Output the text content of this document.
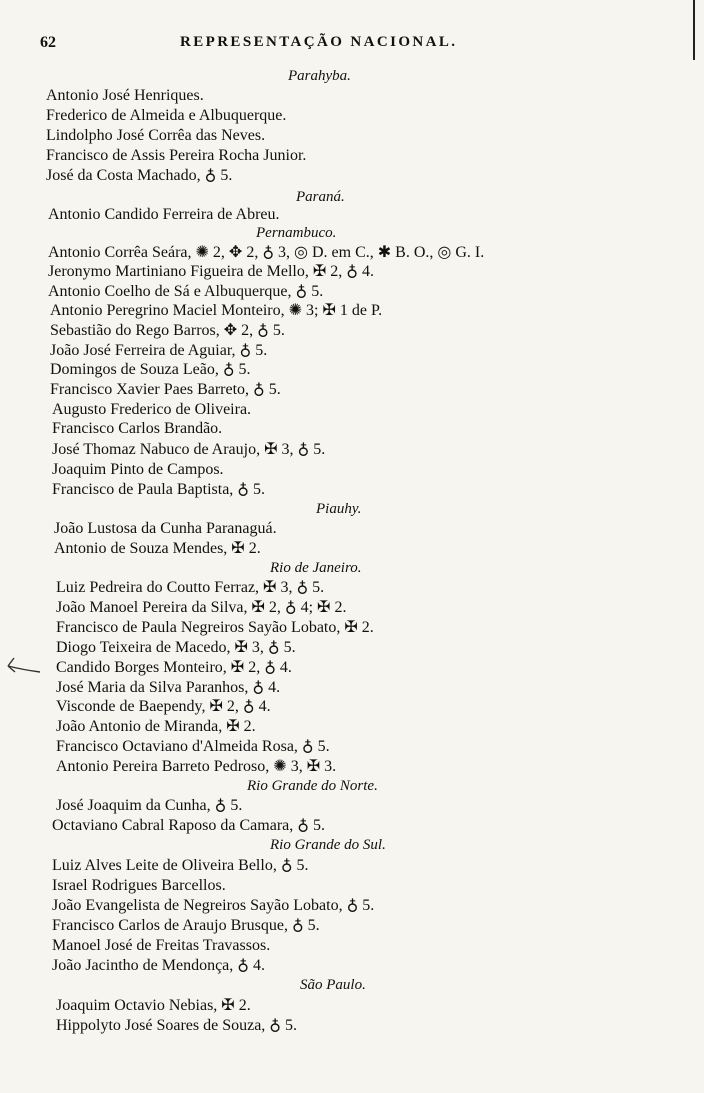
62	REPRESENTAÇÃO NACIONAL.
Parahyba.
Antonio José Henriques.
Frederico de Almeida e Albuquerque.
Lindolpho José Corrêa das Neves.
Francisco de Assis Pereira Rocha Junior.
José da Costa Machado, ♁ 5.
Paraná.
Antonio Candido Ferreira de Abreu.
Pernambuco.
Antonio Corrêa Seára, ✺ 2, ✥ 2, ♁ 3, ◎ D. em C., ✱ B. O., ◎ G. I.
Jeronymo Martiniano Figueira de Mello, ✠ 2, ♁ 4.
Antonio Coelho de Sá e Albuquerque, ♁ 5.
Antonio Peregrino Maciel Monteiro, ✺ 3; ✠ 1 de P.
Sebastião do Rego Barros, ✥ 2, ♁ 5.
João José Ferreira de Aguiar, ♁ 5.
Domingos de Souza Leão, ♁ 5.
Francisco Xavier Paes Barreto, ♁ 5.
Augusto Frederico de Oliveira.
Francisco Carlos Brandão.
José Thomaz Nabuco de Araujo, ✠ 3, ♁ 5.
Joaquim Pinto de Campos.
Francisco de Paula Baptista, ♁ 5.
Piauhy.
João Lustosa da Cunha Paranaguá.
Antonio de Souza Mendes, ✠ 2.
Rio de Janeiro.
Luiz Pedreira do Coutto Ferraz, ✠ 3, ♁ 5.
João Manoel Pereira da Silva, ✠ 2, ♁ 4; ✠ 2.
Francisco de Paula Negreiros Sayão Lobato, ✠ 2.
Diogo Teixeira de Macedo, ✠ 3, ♁ 5.
Candido Borges Monteiro, ✠ 2, ♁ 4.
José Maria da Silva Paranhos, ♁ 4.
Visconde de Baependy, ✠ 2, ♁ 4.
João Antonio de Miranda, ✠ 2.
Francisco Octaviano d'Almeida Rosa, ♁ 5.
Antonio Pereira Barreto Pedroso, ✺ 3, ✠ 3.
Rio Grande do Norte.
José Joaquim da Cunha, ♁ 5.
Octaviano Cabral Raposo da Camara, ♁ 5.
Rio Grande do Sul.
Luiz Alves Leite de Oliveira Bello, ♁ 5.
Israel Rodrigues Barcellos.
João Evangelista de Negreiros Sayão Lobato, ♁ 5.
Francisco Carlos de Araujo Brusque, ♁ 5.
Manoel José de Freitas Travassos.
João Jacintho de Mendonça, ♁ 4.
São Paulo.
Joaquim Octavio Nebias, ✠ 2.
Hippolyto José Soares de Souza, ♁ 5.
